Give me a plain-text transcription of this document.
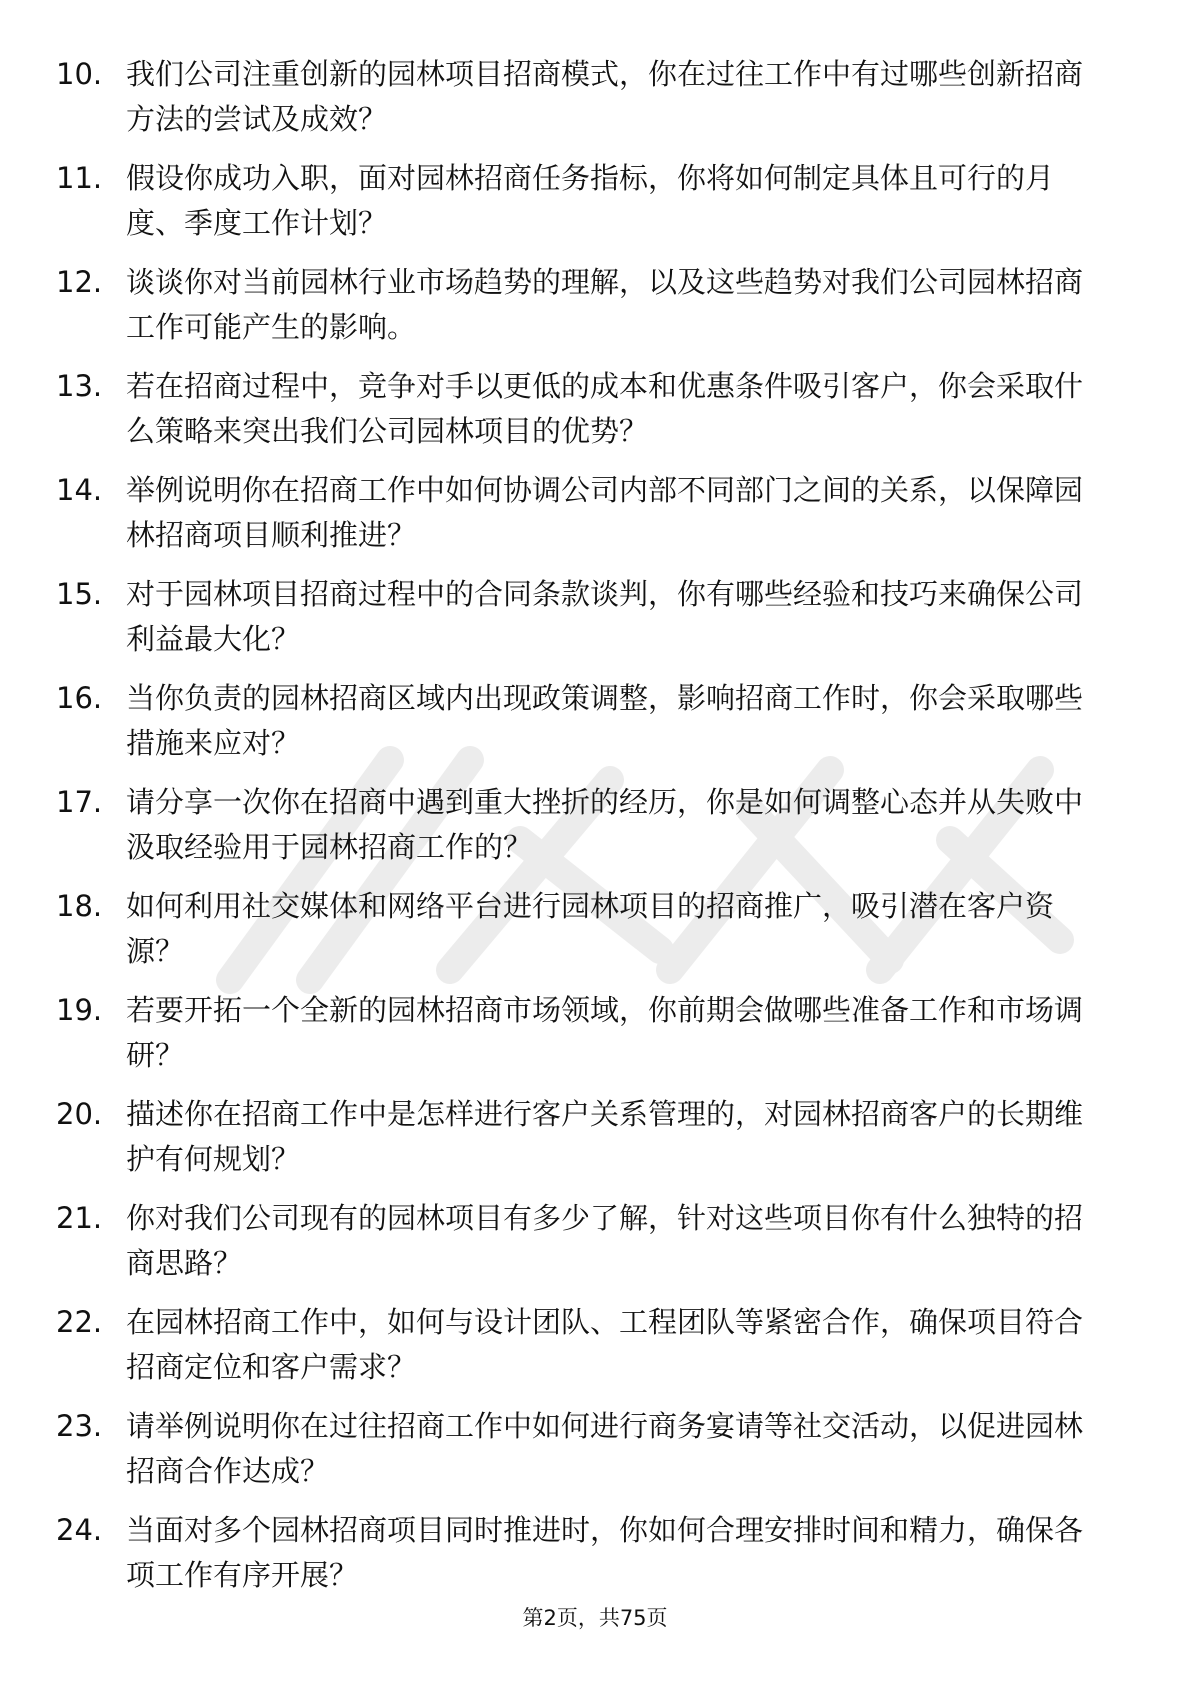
10. 我们公司注重创新的园林项目招商模式，你在过往工作中有过哪些创新招商方法的尝试及成效？
11. 假设你成功入职，面对园林招商任务指标，你将如何制定具体且可行的月度、季度工作计划？
12. 谈谈你对当前园林行业市场趋势的理解，以及这些趋势对我们公司园林招商工作可能产生的影响。
13. 若在招商过程中，竞争对手以更低的成本和优惠条件吸引客户，你会采取什么策略来突出我们公司园林项目的优势？
14. 举例说明你在招商工作中如何协调公司内部不同部门之间的关系，以保障园林招商项目顺利推进？
15. 对于园林项目招商过程中的合同条款谈判，你有哪些经验和技巧来确保公司利益最大化？
16. 当你负责的园林招商区域内出现政策调整，影响招商工作时，你会采取哪些措施来应对？
17. 请分享一次你在招商中遇到重大挫折的经历，你是如何调整心态并从失败中汲取经验用于园林招商工作的？
18. 如何利用社交媒体和网络平台进行园林项目的招商推广，吸引潜在客户资源？
19. 若要开拓一个全新的园林招商市场领域，你前期会做哪些准备工作和市场调研？
20. 描述你在招商工作中是怎样进行客户关系管理的，对园林招商客户的长期维护有何规划？
21. 你对我们公司现有的园林项目有多少了解，针对这些项目你有什么独特的招商思路？
22. 在园林招商工作中，如何与设计团队、工程团队等紧密合作，确保项目符合招商定位和客户需求？
23. 请举例说明你在过往招商工作中如何进行商务宴请等社交活动，以促进园林招商合作达成？
24. 当面对多个园林招商项目同时推进时，你如何合理安排时间和精力，确保各项工作有序开展？
第2页，共75页
